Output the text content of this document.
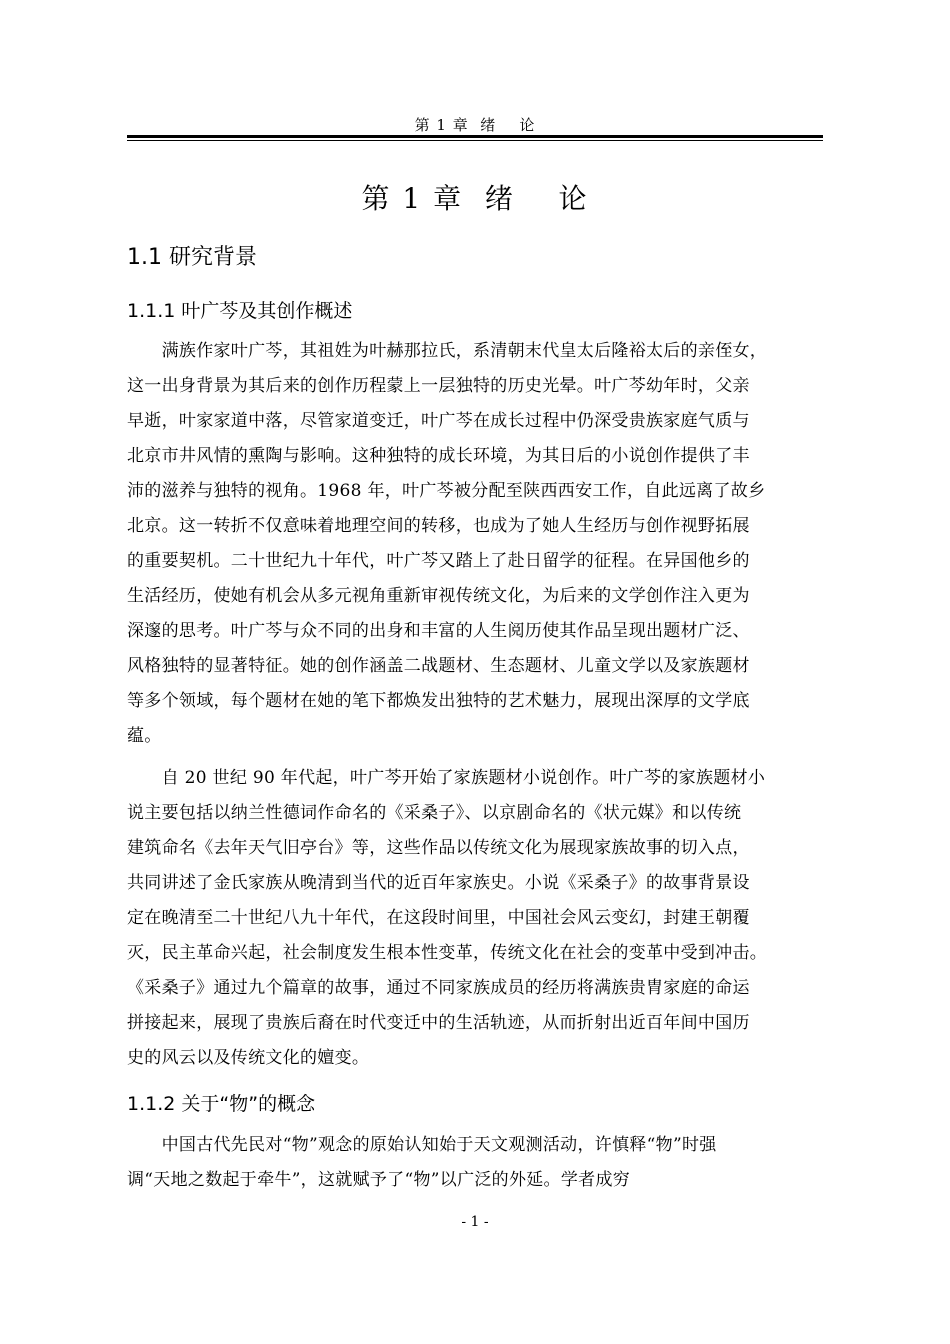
第 1 章  绪    论
第 1 章  绪    论
1.1 研究背景
1.1.1 叶广芩及其创作概述
　　满族作家叶广芩，其祖姓为叶赫那拉氏，系清朝末代皇太后隆裕太后的亲侄女，
这一出身背景为其后来的创作历程蒙上一层独特的历史光晕。叶广芩幼年时，父亲
早逝，叶家家道中落，尽管家道变迁，叶广芩在成长过程中仍深受贵族家庭气质与
北京市井风情的熏陶与影响。这种独特的成长环境，为其日后的小说创作提供了丰
沛的滋养与独特的视角。1968 年，叶广芩被分配至陕西西安工作，自此远离了故乡
北京。这一转折不仅意味着地理空间的转移，也成为了她人生经历与创作视野拓展
的重要契机。二十世纪九十年代，叶广芩又踏上了赴日留学的征程。在异国他乡的
生活经历，使她有机会从多元视角重新审视传统文化，为后来的文学创作注入更为
深邃的思考。叶广芩与众不同的出身和丰富的人生阅历使其作品呈现出题材广泛、
风格独特的显著特征。她的创作涵盖二战题材、生态题材、儿童文学以及家族题材
等多个领域，每个题材在她的笔下都焕发出独特的艺术魅力，展现出深厚的文学底
蕴。
　　自 20 世纪 90 年代起，叶广芩开始了家族题材小说创作。叶广芩的家族题材小
说主要包括以纳兰性德词作命名的《采桑子》、以京剧命名的《状元媒》和以传统
建筑命名《去年天气旧亭台》等，这些作品以传统文化为展现家族故事的切入点，
共同讲述了金氏家族从晚清到当代的近百年家族史。小说《采桑子》的故事背景设
定在晚清至二十世纪八九十年代，在这段时间里，中国社会风云变幻，封建王朝覆
灭，民主革命兴起，社会制度发生根本性变革，传统文化在社会的变革中受到冲击。
《采桑子》通过九个篇章的故事，通过不同家族成员的经历将满族贵胄家庭的命运
拼接起来，展现了贵族后裔在时代变迁中的生活轨迹，从而折射出近百年间中国历
史的风云以及传统文化的嬗变。
1.1.2 关于“物”的概念
　　中国古代先民对“物”观念的原始认知始于天文观测活动，许慎释“物”时强
调“天地之数起于牵牛”，这就赋予了“物”以广泛的外延。学者成穷
- 1 -
